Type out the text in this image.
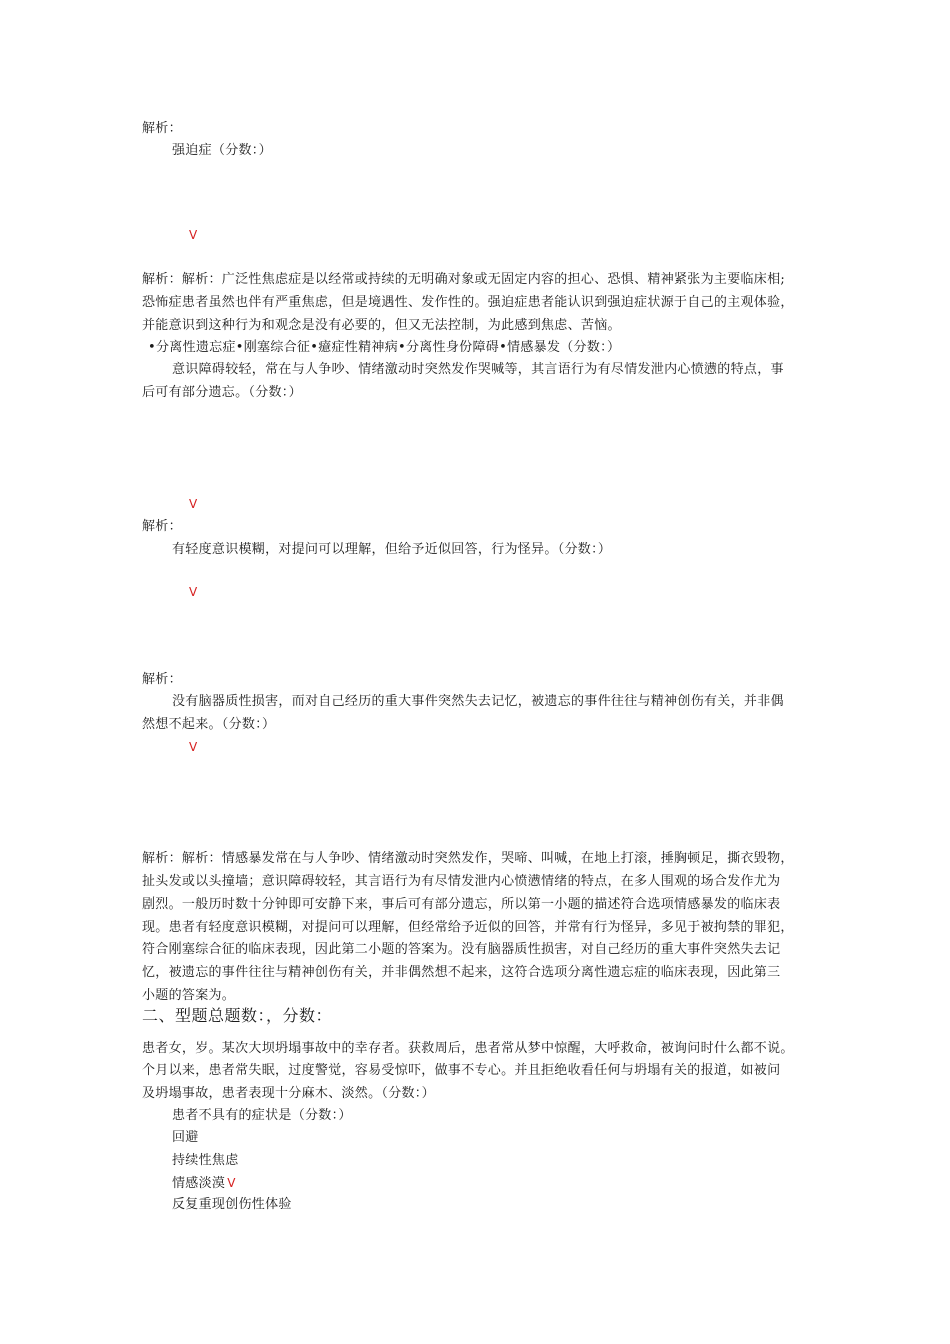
解析：
强迫症（分数：）
V
解析：解析：广泛性焦虑症是以经常或持续的无明确对象或无固定内容的担心、恐惧、精神紧张为主要临床相;
恐怖症患者虽然也伴有严重焦虑，但是境遇性、发作性的。强迫症患者能认识到强迫症状源于自己的主观体验，
并能意识到这种行为和观念是没有必要的，但又无法控制，为此感到焦虑、苦恼。
•分离性遗忘症•刚塞综合征•癔症性精神病•分离性身份障碍•情感暴发（分数：）
意识障碍较轻，常在与人争吵、情绪激动时突然发作哭喊等，其言语行为有尽情发泄内心愤懑的特点，事
后可有部分遗忘。（分数：）
V
解析：
有轻度意识模糊，对提问可以理解，但给予近似回答，行为怪异。（分数：）
V
解析：
没有脑器质性损害，而对自己经历的重大事件突然失去记忆，被遗忘的事件往往与精神创伤有关，并非偶
然想不起来。（分数：）
V
解析：解析：情感暴发常在与人争吵、情绪激动时突然发作，哭啼、叫喊，在地上打滚，捶胸顿足，撕衣毁物，
扯头发或以头撞墙；意识障碍较轻，其言语行为有尽情发泄内心愤懑情绪的特点，在多人围观的场合发作尤为
剧烈。一般历时数十分钟即可安静下来，事后可有部分遗忘，所以第一小题的描述符合选项情感暴发的临床表
现。患者有轻度意识模糊，对提问可以理解，但经常给予近似的回答，并常有行为怪异，多见于被拘禁的罪犯，
符合刚塞综合征的临床表现，因此第二小题的答案为。没有脑器质性损害，对自己经历的重大事件突然失去记
忆，被遗忘的事件往往与精神创伤有关，并非偶然想不起来，这符合选项分离性遗忘症的临床表现，因此第三
小题的答案为。
二、型题总题数：，分数：
患者女，岁。某次大坝坍塌事故中的幸存者。获救周后，患者常从梦中惊醒，大呼救命，被询问时什么都不说。
个月以来，患者常失眠，过度警觉，容易受惊吓，做事不专心。并且拒绝收看任何与坍塌有关的报道，如被问
及坍塌事故，患者表现十分麻木、淡然。（分数：）
患者不具有的症状是（分数：）
回避
持续性焦虑
情感淡漠 V
反复重现创伤性体验
